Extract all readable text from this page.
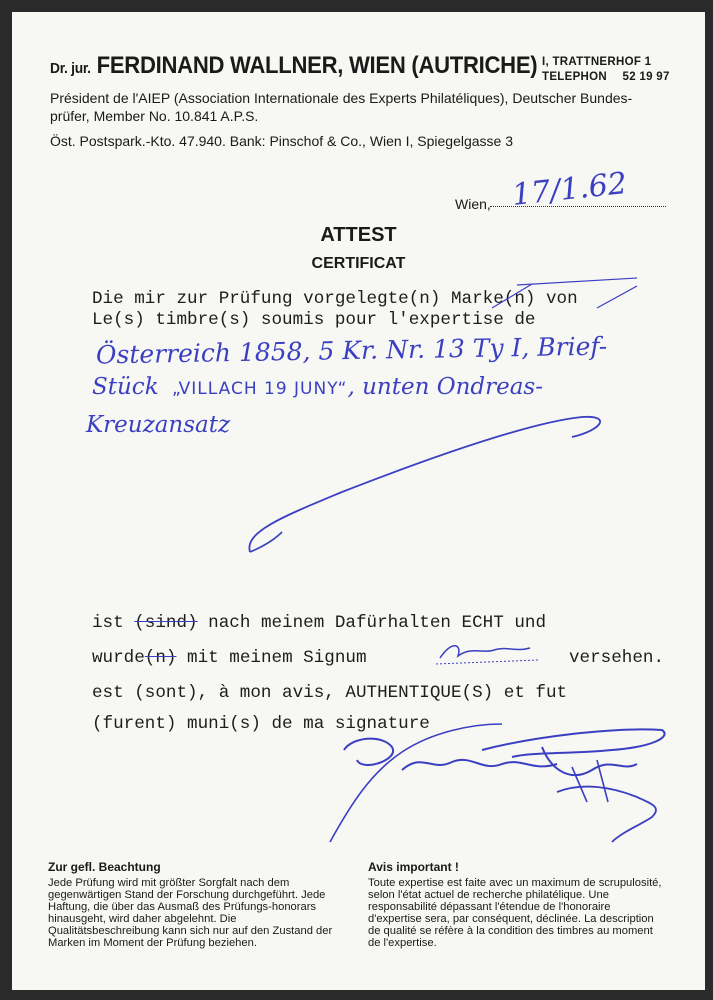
Dr. jur. FERDINAND WALLNER, WIEN (AUTRICHE) I, TRATTNERHOF 1
TELEPHON 52 19 97
Président de l'AIEP (Association Internationale des Experts Philatéliques), Deutscher Bundes-
prüfer, Member No. 10.841 A.P.S.
Öst. Postspark.-Kto. 47.940. Bank: Pinschof & Co., Wien I, Spiegelgasse 3
Wien, 17/1.62
ATTEST
CERTIFICAT
Die mir zur Prüfung vorgelegte(n) Marke(n) von
Le(s) timbre(s) soumis pour l'expertise de
Österreich 1858, 5 Kr. Nr. 13 Ty I, Brief-
Stück „VILLACH 19 JUNY“, unten Ondreas-
Kreuzansatz
ist (sind) nach meinem Dafürhalten ECHT und
wurde(n) mit meinem Signum	versehen.
est (sont), à mon avis, AUTHENTIQUE(S) et fut
(furent) muni(s) de ma signature
Zur gefl. Beachtung
Jede Prüfung wird mit größter Sorgfalt nach dem gegenwärtigen Stand der Forschung durchgeführt. Jede Haftung, die über das Ausmaß des Prüfungs-honorars hinausgeht, wird daher abgelehnt. Die Qualitätsbeschreibung kann sich nur auf den Zustand der Marken im Moment der Prüfung beziehen.
Avis important !
Toute expertise est faite avec un maximum de scrupulosité, selon l'état actuel de recherche philatélique. Une responsabilité dépassant l'étendue de l'honoraire d'expertise sera, par conséquent, déclinée. La description de qualité se réfère à la condition des timbres au moment de l'expertise.
